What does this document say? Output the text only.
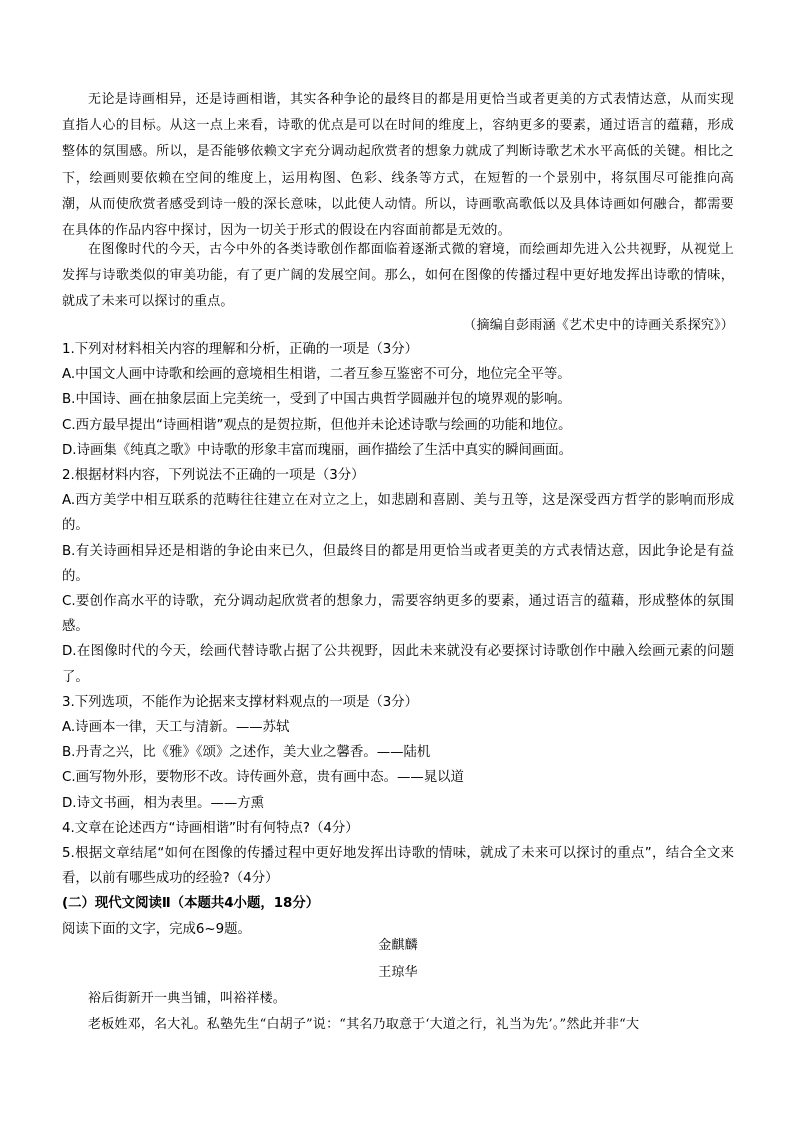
无论是诗画相异，还是诗画相谐，其实各种争论的最终目的都是用更恰当或者更美的方式表情达意，从而实现直指人心的目标。从这一点上来看，诗歌的优点是可以在时间的维度上，容纳更多的要素，通过语言的蕴藉，形成整体的氛围感。所以，是否能够依赖文字充分调动起欣赏者的想象力就成了判断诗歌艺术水平高低的关键。相比之下，绘画则要依赖在空间的维度上，运用构图、色彩、线条等方式，在短暂的一个景别中，将氛围尽可能推向高潮，从而使欣赏者感受到诗一般的深长意味，以此使人动情。所以，诗画歌高歌低以及具体诗画如何融合，都需要在具体的作品内容中探讨，因为一切关于形式的假设在内容面前都是无效的。

在图像时代的今天，古今中外的各类诗歌创作都面临着逐渐式微的窘境，而绘画却先进入公共视野，从视觉上发挥与诗歌类似的审美功能，有了更广阔的发展空间。那么，如何在图像的传播过程中更好地发挥出诗歌的情味，就成了未来可以探讨的重点。

（摘编自彭雨涵《艺术史中的诗画关系探究》）

1.下列对材料相关内容的理解和分析，正确的一项是（3分）

A.中国文人画中诗歌和绘画的意境相生相谐，二者互参互鉴密不可分，地位完全平等。

B.中国诗、画在抽象层面上完美统一，受到了中国古典哲学圆融并包的境界观的影响。

C.西方最早提出“诗画相谐”观点的是贺拉斯，但他并未论述诗歌与绘画的功能和地位。

D.诗画集《纯真之歌》中诗歌的形象丰富而瑰丽，画作描绘了生活中真实的瞬间画面。

2.根据材料内容，下列说法不正确的一项是（3分）

A.西方美学中相互联系的范畴往往建立在对立之上，如悲剧和喜剧、美与丑等，这是深受西方哲学的影响而形成的。

B.有关诗画相异还是相谐的争论由来已久，但最终目的都是用更恰当或者更美的方式表情达意，因此争论是有益的。

C.要创作高水平的诗歌，充分调动起欣赏者的想象力，需要容纳更多的要素，通过语言的蕴藉，形成整体的氛围感。

D.在图像时代的今天，绘画代替诗歌占据了公共视野，因此未来就没有必要探讨诗歌创作中融入绘画元素的问题了。

3.下列选项，不能作为论据来支撑材料观点的一项是（3分）

A.诗画本一律，天工与清新。——苏轼

B.丹青之兴，比《雅》《颂》之述作，美大业之馨香。——陆机

C.画写物外形，要物形不改。诗传画外意，贵有画中态。——晁以道

D.诗文书画，相为表里。——方熏

4.文章在论述西方“诗画相谐”时有何特点?（4分）

5.根据文章结尾“如何在图像的传播过程中更好地发挥出诗歌的情味，就成了未来可以探讨的重点”，结合全文来看，以前有哪些成功的经验?（4分）

(二）现代文阅读Ⅱ（本题共4小题，18分）

阅读下面的文字，完成6~9题。

金麒麟

王琼华

裕后街新开一典当铺，叫裕祥楼。

老板姓邓，名大礼。私塾先生“白胡子”说：“其名乃取意于‘大道之行，礼当为先’。”然此并非“大
